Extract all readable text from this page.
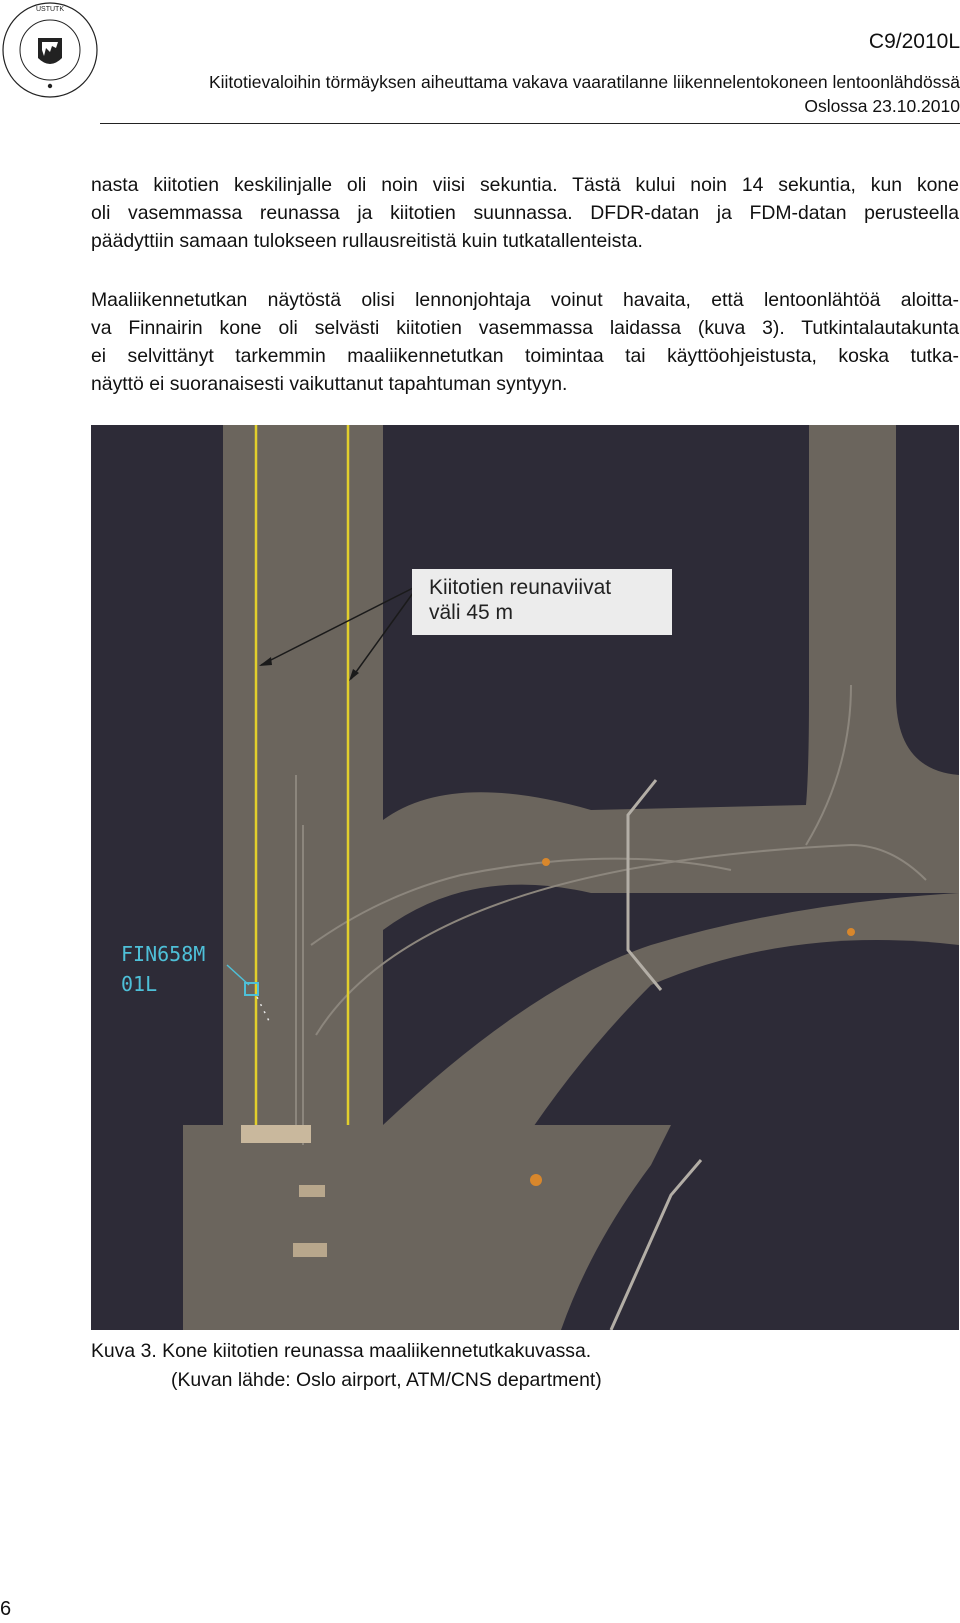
USTUTK
C9/2010L
Kiitotievaloihin törmäyksen aiheuttama vakava vaaratilanne liikennelentokoneen lentoonlähdössä
Oslossa 23.10.2010

nasta kiitotien keskilinjalle oli noin viisi sekuntia. Tästä kului noin 14 sekuntia, kun kone
oli vasemmassa reunassa ja kiitotien suunnassa. DFDR-datan ja FDM-datan perusteella
päädyttiin samaan tulokseen rullausreitistä kuin tutkatallenteista.

Maaliikennetutkan näytöstä olisi lennonjohtaja voinut havaita, että lentoonlähtöä aloitta-
va Finnairin kone oli selvästi kiitotien vasemmassa laidassa (kuva 3). Tutkintalautakunta
ei selvittänyt tarkemmin maaliikennetutkan toimintaa tai käyttöohjeistusta, koska tutka-
näyttö ei suoranaisesti vaikuttanut tapahtuman syntyyn.

Kiitotien reunaviivat
väli 45 m
FIN658M
01L
Kuva 3. Kone kiitotien reunassa maaliikennetutkakuvassa.
(Kuvan lähde: Oslo airport, ATM/CNS department)
6
